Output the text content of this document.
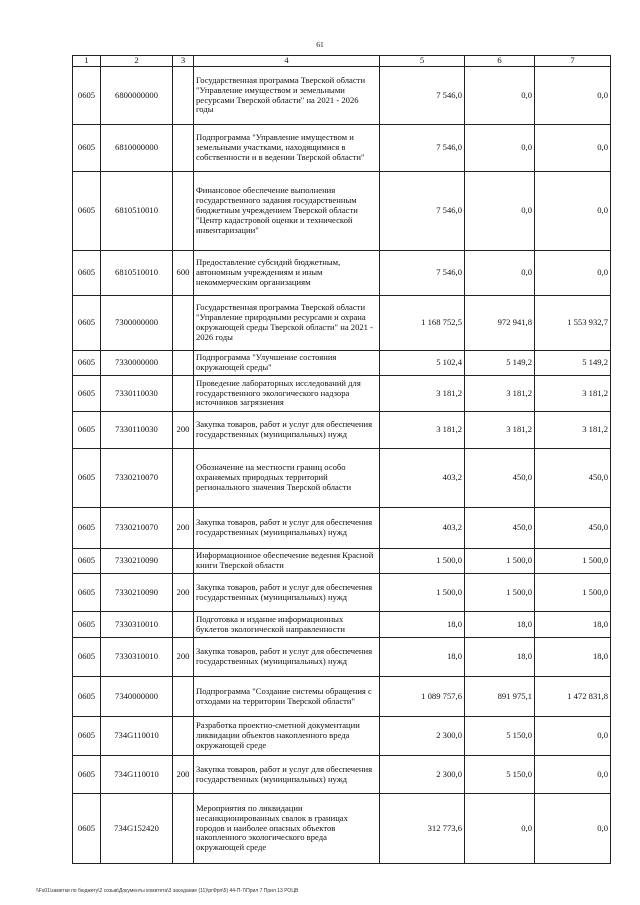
61
1	2	3	4	5	6	7
0605	6800000000		Государственная программа Тверской области "Управление имуществом и земельными ресурсами Тверской области" на 2021 - 2026 годы	7 546,0	0,0	0,0
0605	6810000000		Подпрограмма "Управление имуществом и земельными участками, находящимися в собственности и в ведении Тверской области"	7 546,0	0,0	0,0
0605	6810510010		Финансовое обеспечение выполнения государственного задания государственным бюджетным учреждением Тверской области "Центр кадастровой оценки и технической инвентаризации"	7 546,0	0,0	0,0
0605	6810510010	600	Предоставление субсидий бюджетным, автономным учреждениям и иным некоммерческим организациям	7 546,0	0,0	0,0
0605	7300000000		Государственная программа Тверской области "Управление природными ресурсами и охрана окружающей среды Тверской области" на 2021 - 2026 годы	1 168 752,5	972 941,8	1 553 932,7
0605	7330000000		Подпрограмма "Улучшение состояния окружающей среды"	5 102,4	5 149,2	5 149,2
0605	7330110030		Проведение лабораторных исследований для государственного экологического надзора источников загрязнения	3 181,2	3 181,2	3 181,2
0605	7330110030	200	Закупка товаров, работ и услуг для обеспечения государственных (муниципальных) нужд	3 181,2	3 181,2	3 181,2
0605	7330210070		Обозначение на местности границ особо охраняемых природных территорий регионального значения Тверской области	403,2	450,0	450,0
0605	7330210070	200	Закупка товаров, работ и услуг для обеспечения государственных (муниципальных) нужд	403,2	450,0	450,0
0605	7330210090		Информационное обеспечение ведения Красной книги Тверской области	1 500,0	1 500,0	1 500,0
0605	7330210090	200	Закупка товаров, работ и услуг для обеспечения государственных (муниципальных) нужд	1 500,0	1 500,0	1 500,0
0605	7330310010		Подготовка и издание информационных буклетов экологической направленности	18,0	18,0	18,0
0605	7330310010	200	Закупка товаров, работ и услуг для обеспечения государственных (муниципальных) нужд	18,0	18,0	18,0
0605	7340000000		Подпрограмма "Создание системы обращения с отходами на территории Тверской области"	1 089 757,6	891 975,1	1 472 831,8
0605	734G110010		Разработка проектно-сметной документации ликвидации объектов накопленного вреда окружающей среде	2 300,0	5 150,0	0,0
0605	734G110010	200	Закупка товаров, работ и услуг для обеспечения государственных (муниципальных) нужд	2 300,0	5 150,0	0,0
0605	734G152420		Мероприятия по ликвидации несанкционированных свалок в границах городов и наиболее опасных объектов накопленного экологического вреда окружающей среде	312 773,6	0,0	0,0
\\Fs01\заметки по бюджету\2 созыв\Документы комитета\3 заседание (11)\ргФрп\5) 44-П-7\Прил 7 Прил 13 РОЦВ
